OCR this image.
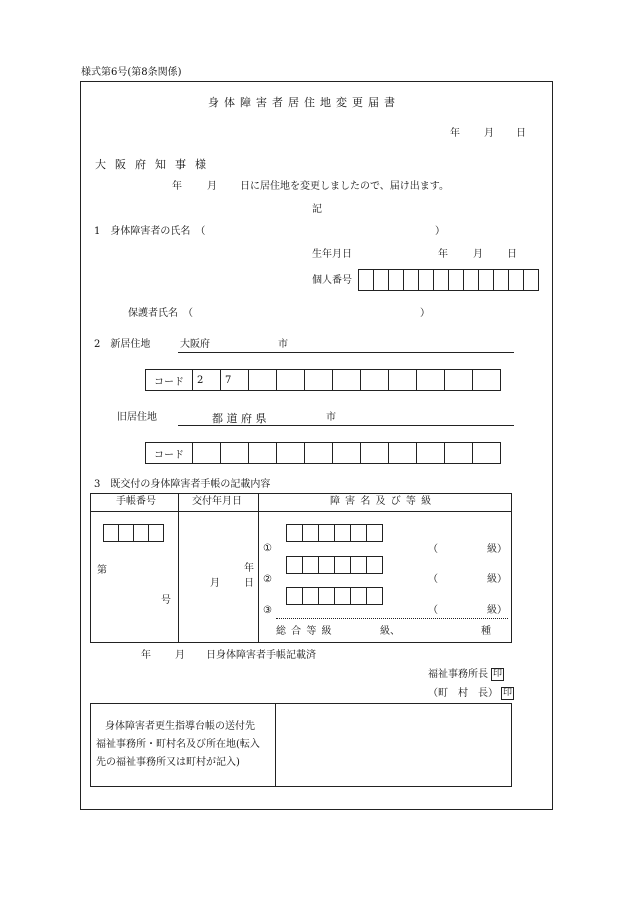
様式第6号(第8条関係)
身体障害者居住地変更届書
年 月 日
大阪府知事様
年	月 日に居住地を変更しましたので、届け出ます。
記
1　身体障害者の氏名　（	）
生年月日	年	月 日
個人番号
保護者氏名　（	）
2　新居住地	大阪府	市
コード	2	7
旧居住地	都 道 府 県	市
コード
3　既交付の身体障害者手帳の記載内容
手帳番号	交付年月日	障 害 名 及 び 等 級
第
号
年
月 日
①	（	級）
②	（	級）
③	（	級）
総 合 等 級	級、	種
年 月 日身体障害者手帳記載済
福祉事務所長 印
（町　村　長） 印
身体障害者更生指導台帳の送付先
福祉事務所・町村名及び所在地(転入
先の福祉事務所又は町村が記入)
